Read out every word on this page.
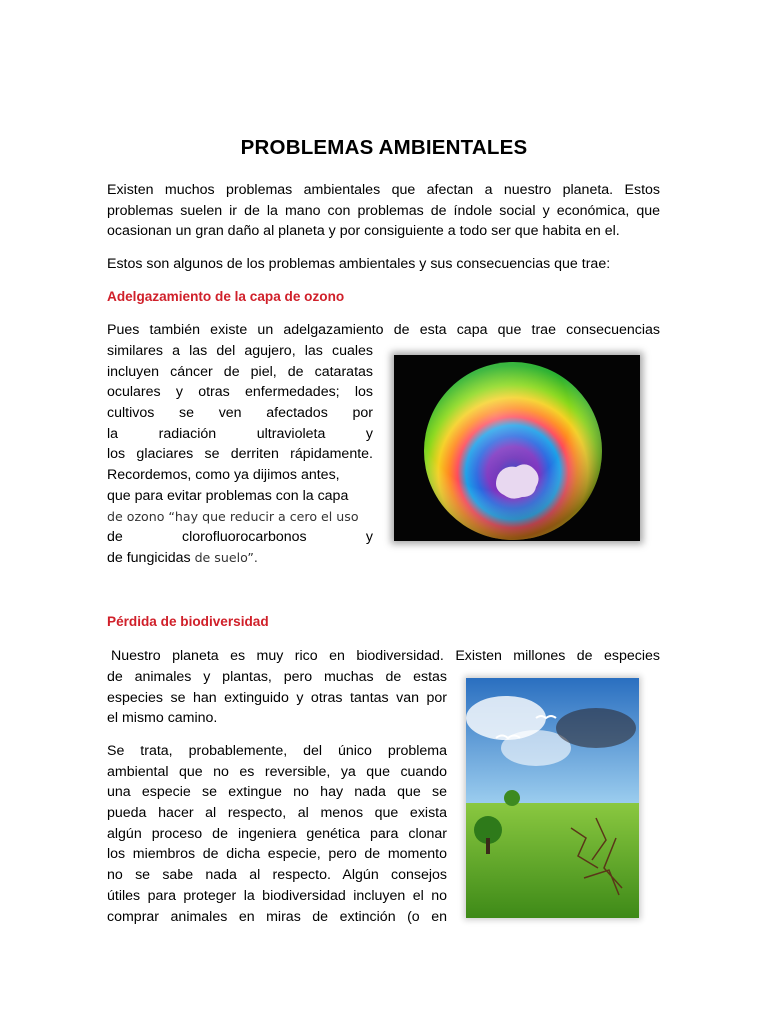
PROBLEMAS AMBIENTALES
Existen muchos problemas ambientales que afectan a nuestro planeta. Estos
problemas suelen ir de la mano con problemas de índole social y económica, que
ocasionan un gran daño al planeta y por consiguiente a todo ser que habita en el.
Estos son algunos de los problemas ambientales y sus consecuencias que trae:
Adelgazamiento de la capa de ozono
Pues también existe un adelgazamiento de esta capa que trae consecuencias
similares a las del agujero, las cuales
incluyen cáncer de piel, de cataratas
oculares y otras enfermedades; los
cultivos se ven afectados por
la radiación ultravioleta y
los glaciares se derriten rápidamente.
Recordemos, como ya dijimos antes,
que para evitar problemas con la capa
de ozono “hay que reducir a cero el uso
de	clorofluorocarbonos	y
de fungicidas de suelo”.
Pérdida de biodiversidad
Nuestro planeta es muy rico en biodiversidad. Existen millones de especies
de animales y plantas, pero muchas de estas
especies se han extinguido y otras tantas van por
el mismo camino.
Se trata, probablemente, del único problema
ambiental que no es reversible, ya que cuando
una especie se extingue no hay nada que se
pueda hacer al respecto, al menos que exista
algún proceso de ingeniera genética para clonar
los miembros de dicha especie, pero de momento
no se sabe nada al respecto. Algún consejos
útiles para proteger la biodiversidad incluyen el no
comprar animales en miras de extinción (o en
